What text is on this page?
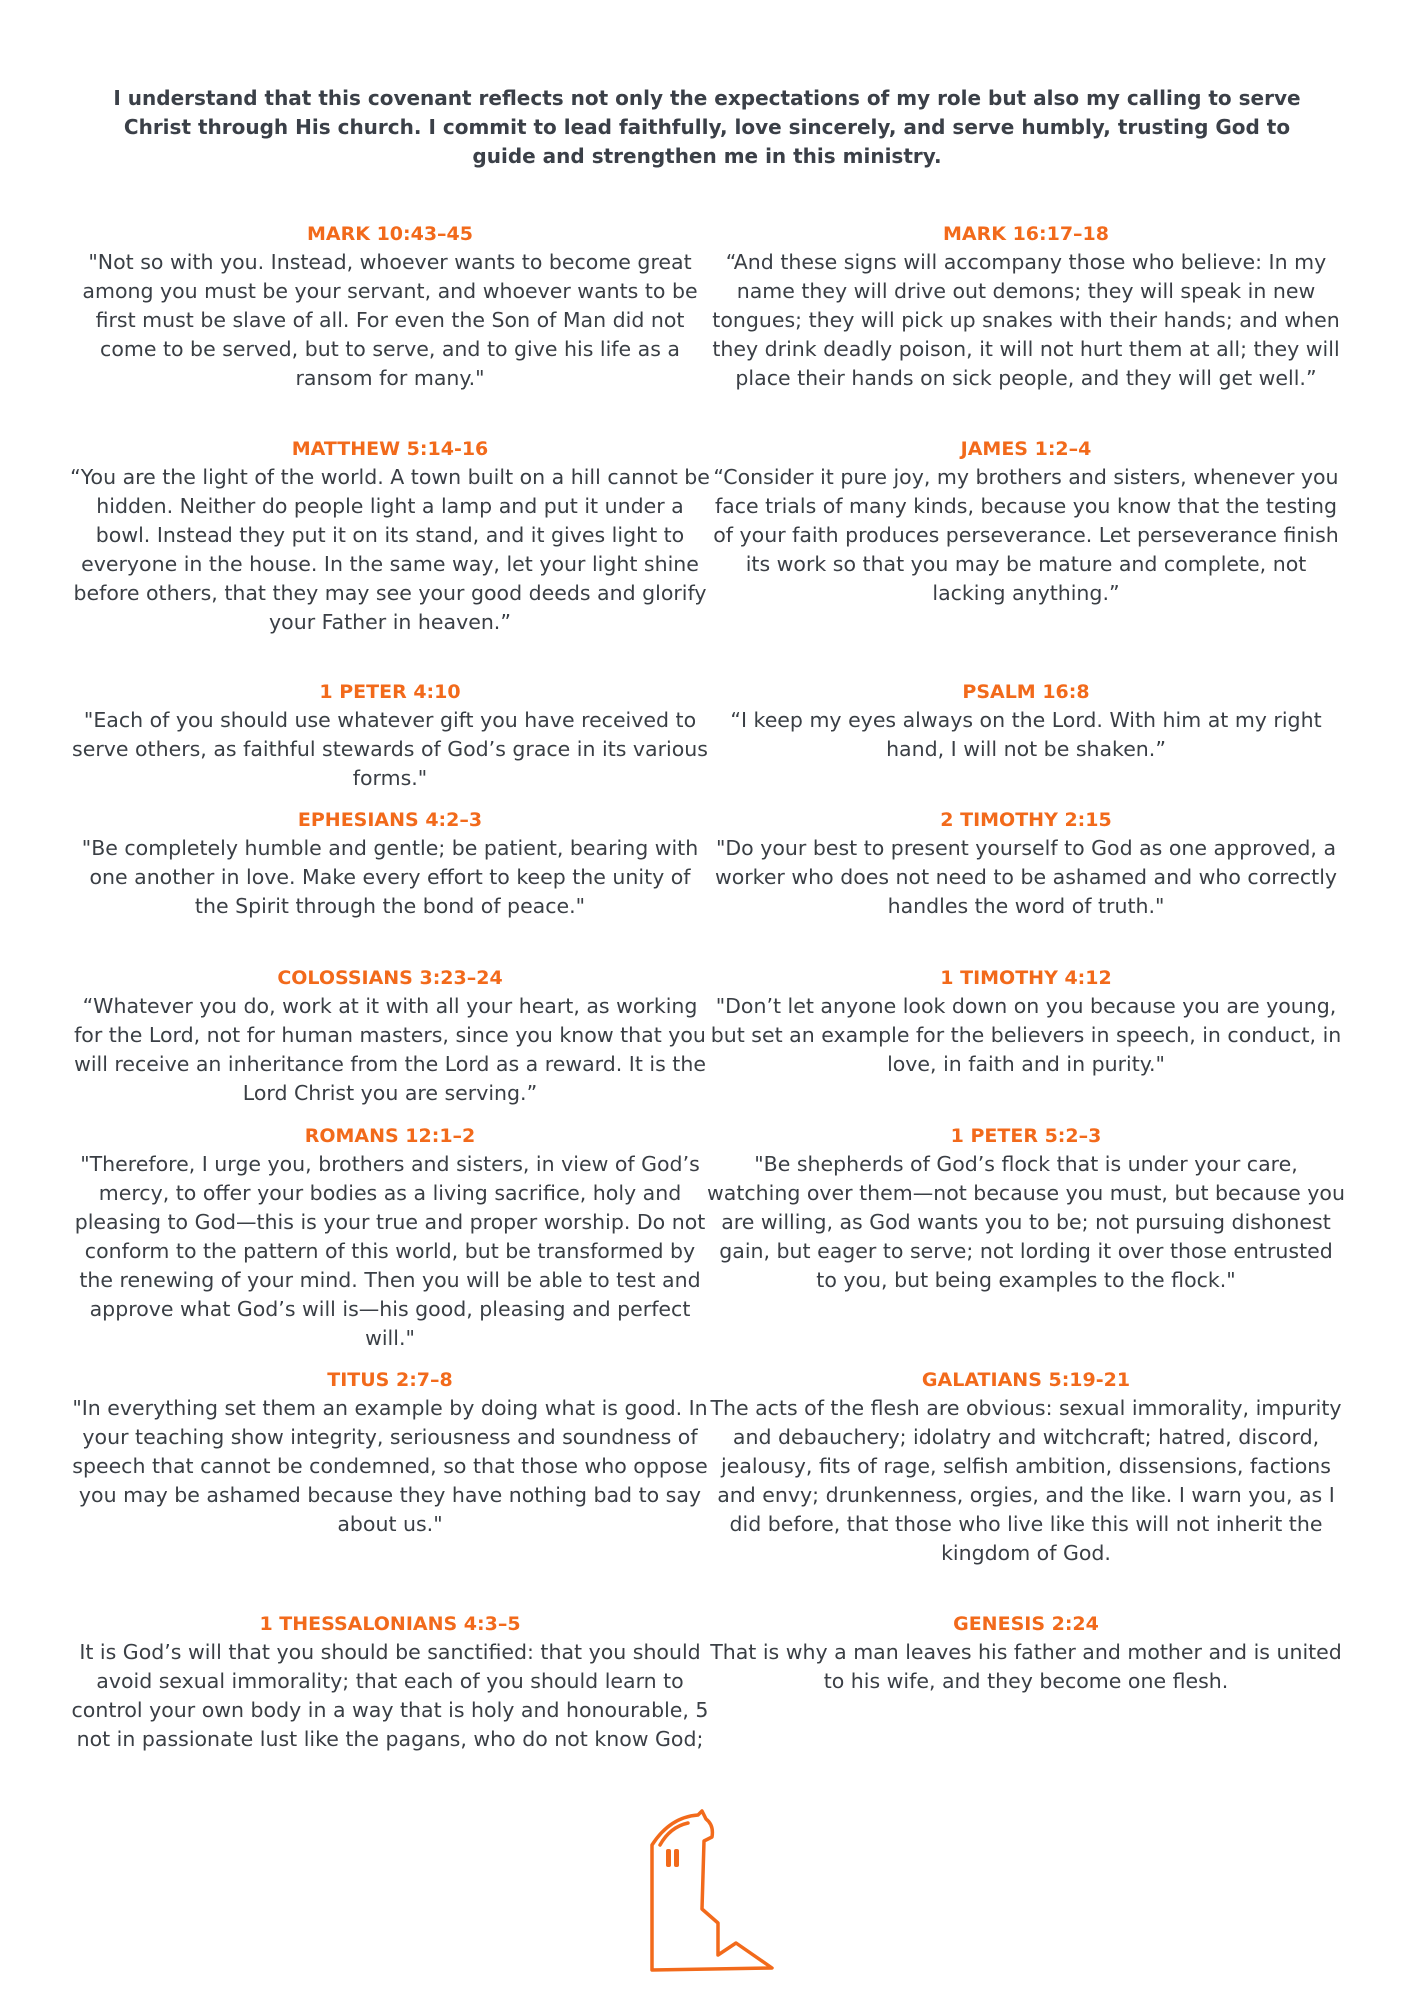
I understand that this covenant reflects not only the expectations of my role but also my calling to serve Christ through His church. I commit to lead faithfully, love sincerely, and serve humbly, trusting God to guide and strengthen me in this ministry.

MARK 10:43–45

"Not so with you. Instead, whoever wants to become great among you must be your servant, and whoever wants to be first must be slave of all. For even the Son of Man did not come to be served, but to serve, and to give his life as a ransom for many."

MARK 16:17–18

“And these signs will accompany those who believe: In my name they will drive out demons; they will speak in new tongues; they will pick up snakes with their hands; and when they drink deadly poison, it will not hurt them at all; they will place their hands on sick people, and they will get well.”

MATTHEW 5:14-16

“You are the light of the world. A town built on a hill cannot be hidden. Neither do people light a lamp and put it under a bowl. Instead they put it on its stand, and it gives light to everyone in the house. In the same way, let your light shine before others, that they may see your good deeds and glorify your Father in heaven.”

JAMES 1:2–4

“Consider it pure joy, my brothers and sisters, whenever you face trials of many kinds, because you know that the testing of your faith produces perseverance. Let perseverance finish its work so that you may be mature and complete, not lacking anything.”

1 PETER 4:10

"Each of you should use whatever gift you have received to serve others, as faithful stewards of God’s grace in its various forms."

PSALM 16:8

“I keep my eyes always on the Lord. With him at my right hand, I will not be shaken.”

EPHESIANS 4:2–3

"Be completely humble and gentle; be patient, bearing with one another in love. Make every effort to keep the unity of the Spirit through the bond of peace."

2 TIMOTHY 2:15

"Do your best to present yourself to God as one approved, a worker who does not need to be ashamed and who correctly handles the word of truth."

COLOSSIANS 3:23–24

“Whatever you do, work at it with all your heart, as working for the Lord, not for human masters, since you know that you will receive an inheritance from the Lord as a reward. It is the Lord Christ you are serving.”

1 TIMOTHY 4:12

"Don’t let anyone look down on you because you are young, but set an example for the believers in speech, in conduct, in love, in faith and in purity."

ROMANS 12:1–2

"Therefore, I urge you, brothers and sisters, in view of God’s mercy, to offer your bodies as a living sacrifice, holy and pleasing to God—this is your true and proper worship. Do not conform to the pattern of this world, but be transformed by the renewing of your mind. Then you will be able to test and approve what God’s will is—his good, pleasing and perfect will."

1 PETER 5:2–3

"Be shepherds of God’s flock that is under your care, watching over them—not because you must, but because you are willing, as God wants you to be; not pursuing dishonest gain, but eager to serve; not lording it over those entrusted to you, but being examples to the flock."

TITUS 2:7–8

"In everything set them an example by doing what is good. In your teaching show integrity, seriousness and soundness of speech that cannot be condemned, so that those who oppose you may be ashamed because they have nothing bad to say about us."

GALATIANS 5:19-21

The acts of the flesh are obvious: sexual immorality, impurity and debauchery; idolatry and witchcraft; hatred, discord, jealousy, fits of rage, selfish ambition, dissensions, factions and envy; drunkenness, orgies, and the like. I warn you, as I did before, that those who live like this will not inherit the kingdom of God.

1 THESSALONIANS 4:3–5

It is God’s will that you should be sanctified: that you should avoid sexual immorality; that each of you should learn to control your own body in a way that is holy and honourable, 5 not in passionate lust like the pagans, who do not know God;

GENESIS 2:24

That is why a man leaves his father and mother and is united to his wife, and they become one flesh.
